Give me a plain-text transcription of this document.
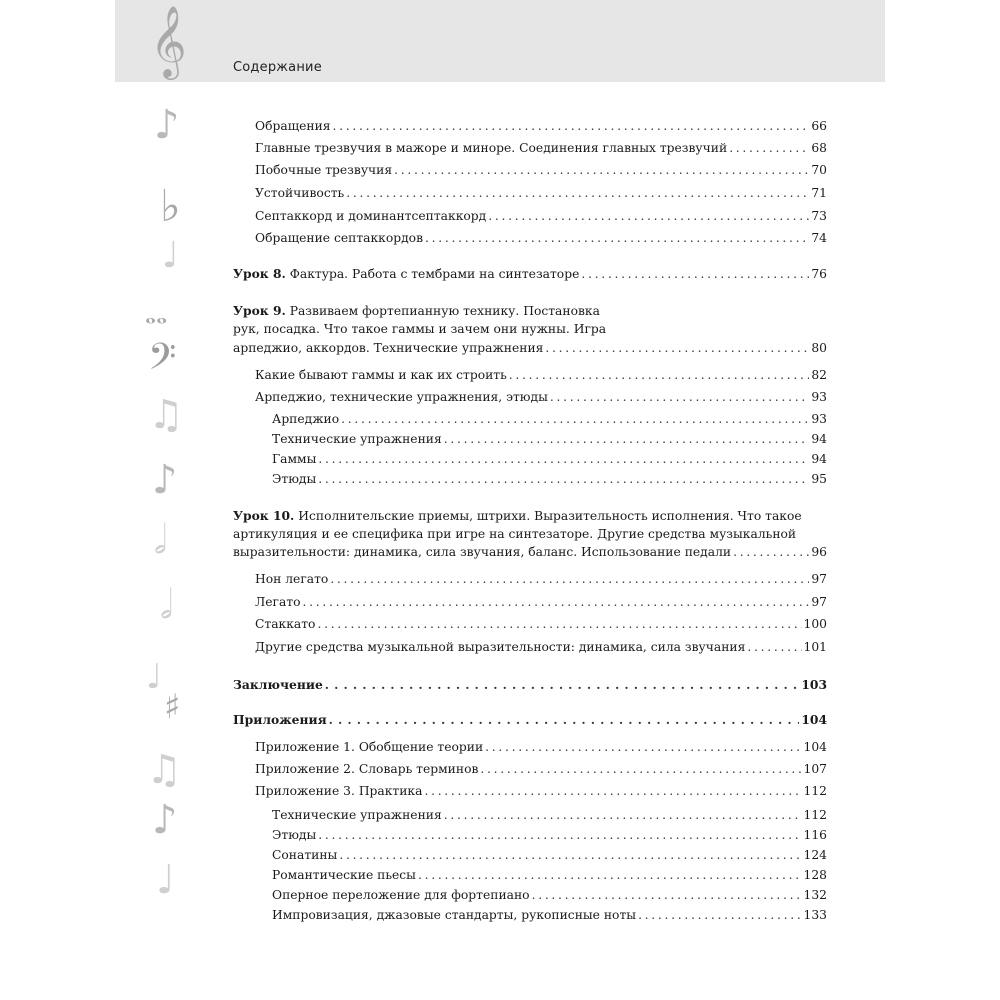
Содержание
𝄞
♪
♭
♩
𝅝𝅝
𝄢
♫
♪
𝅗𝅥
𝅗𝅥
♩
♯
♫
♪
♩
Обращения . . .	66
Главные трезвучия в мажоре и миноре. Соединения главных трезвучий . . .	68
Побочные трезвучия . . .	70
Устойчивость . . .	71
Септаккорд и доминантсептаккорд . . .	73
Обращение септаккордов . . .	74
Урок 8. Фактура. Работа с тембрами на синтезаторе . . .	76
Урок 9. Развиваем фортепианную технику. Постановка
рук, посадка. Что такое гаммы и зачем они нужны. Игра
арпеджио, аккордов. Технические упражнения . . .	80
Какие бывают гаммы и как их строить . . .	82
Арпеджио, технические упражнения, этюды . . .	93
Арпеджио . . .	93
Технические упражнения . . .	94
Гаммы . . .	94
Этюды . . .	95
Урок 10. Исполнительские приемы, штрихи. Выразительность исполнения. Что такое
артикуляция и ее специфика при игре на синтезаторе. Другие средства музыкальной
выразительности: динамика, сила звучания, баланс. Использование педали . . .	96
Нон легато . . .	97
Легато . . .	97
Стаккато . . .	100
Другие средства музыкальной выразительности: динамика, сила звучания . . .	101
Заключение . . .	103
Приложения . . .	104
Приложение 1. Обобщение теории . . .	104
Приложение 2. Словарь терминов . . .	107
Приложение 3. Практика . . .	112
Технические упражнения . . .	112
Этюды . . .	116
Сонатины . . .	124
Романтические пьесы . . .	128
Оперное переложение для фортепиано . . .	132
Импровизация, джазовые стандарты, рукописные ноты . . .	133
